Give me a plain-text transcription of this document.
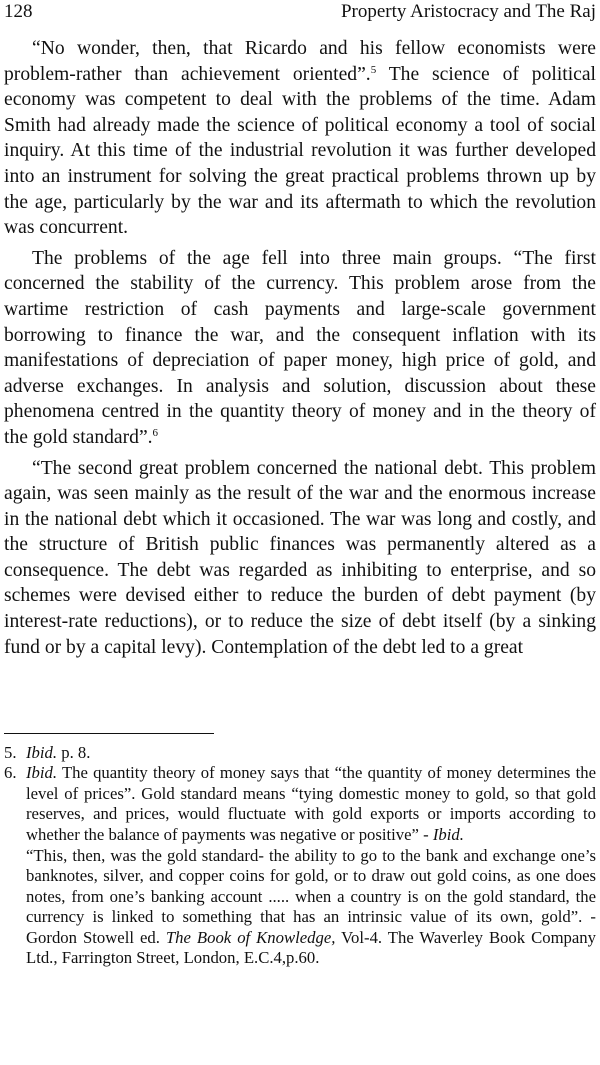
128	Property Aristocracy and The Raj

“No wonder, then, that Ricardo and his fellow economists were problem-rather than achievement oriented”.$^5$ The science of political economy was competent to deal with the problems of the time. Adam Smith had already made the science of political economy a tool of social inquiry. At this time of the industrial revolution it was further developed into an instrument for solving the great practical problems thrown up by the age, particularly by the war and its aftermath to which the revolution was concurrent.

The problems of the age fell into three main groups. “The first concerned the stability of the currency. This problem arose from the wartime restriction of cash payments and large-scale government borrowing to finance the war, and the consequent inflation with its manifestations of depreciation of paper money, high price of gold, and adverse exchanges. In analysis and solution, discussion about these phenomena centred in the quantity theory of money and in the theory of the gold standard”.$^6$

“The second great problem concerned the national debt. This problem again, was seen mainly as the result of the war and the enormous increase in the national debt which it occasioned. The war was long and costly, and the structure of British public finances was permanently altered as a consequence. The debt was regarded as inhibiting to enterprise, and so schemes were devised either to reduce the burden of debt payment (by interest-rate reductions), or to reduce the size of debt itself (by a sinking fund or by a capital levy). Contemplation of the debt led to a great

5. Ibid. p. 8.
6. Ibid. The quantity theory of money says that “the quantity of money determines the level of prices”. Gold standard means “tying domestic money to gold, so that gold reserves, and prices, would fluctuate with gold exports or imports according to whether the balance of payments was negative or positive” - Ibid.
“This, then, was the gold standard- the ability to go to the bank and exchange one’s banknotes, silver, and copper coins for gold, or to draw out gold coins, as one does notes, from one’s banking account ..... when a country is on the gold standard, the currency is linked to something that has an intrinsic value of its own, gold”. - Gordon Stowell ed. The Book of Knowledge, Vol-4. The Waverley Book Company Ltd., Farrington Street, London, E.C.4,p.60.
